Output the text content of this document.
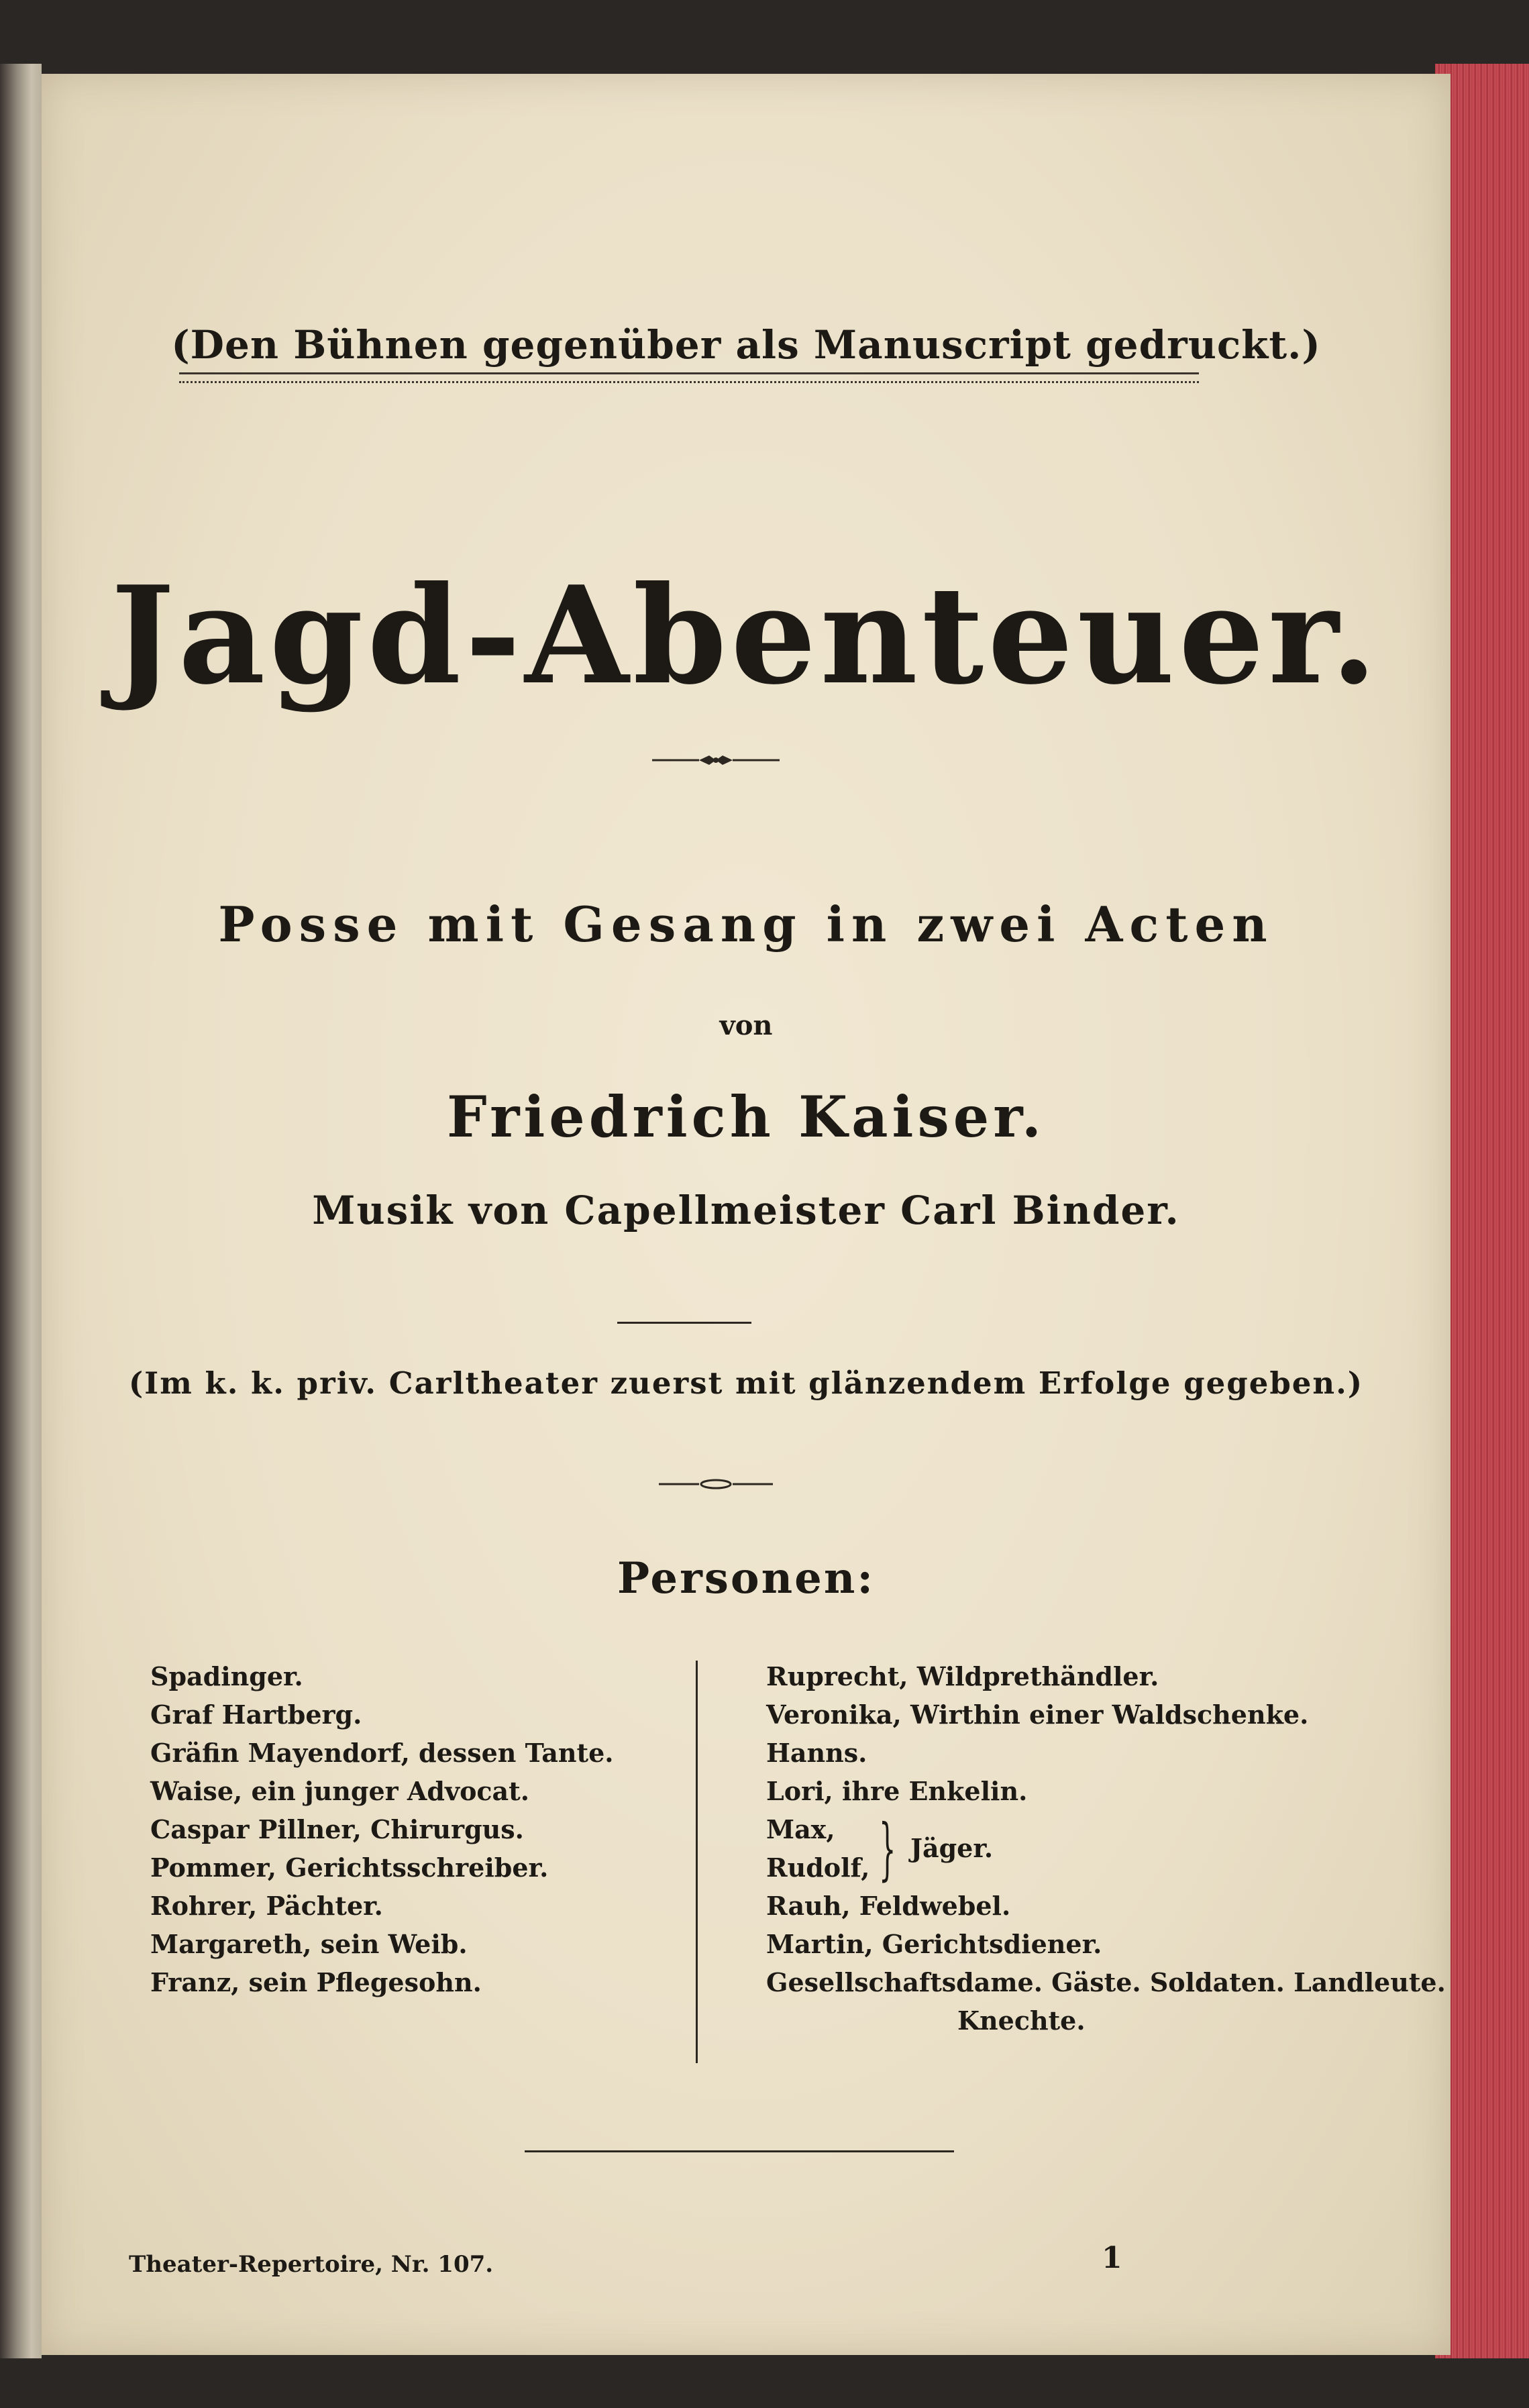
(Den Bühnen gegenüber als Manuscript gedruckt.)
Jagd-Abenteuer.
Posse mit Gesang in zwei Acten
von
Friedrich Kaiser.
Musik von Capellmeister Carl Binder.
(Im k. k. priv. Carltheater zuerst mit glänzendem Erfolge gegeben.)
Personen:
Spadinger.
Graf Hartberg.
Gräfin Mayendorf, dessen Tante.
Waise, ein junger Advocat.
Caspar Pillner, Chirurgus.
Pommer, Gerichtsschreiber.
Rohrer, Pächter.
Margareth, sein Weib.
Franz, sein Pflegesohn.
Ruprecht, Wildprethändler.
Veronika, Wirthin einer Waldschenke.
Hanns.
Lori, ihre Enkelin.
Max,
Rudolf, } Jäger.
Rauh, Feldwebel.
Martin, Gerichtsdiener.
Gesellschaftsdame. Gäste. Soldaten. Landleute.
Knechte.
Theater-Repertoire, Nr. 107.	1
